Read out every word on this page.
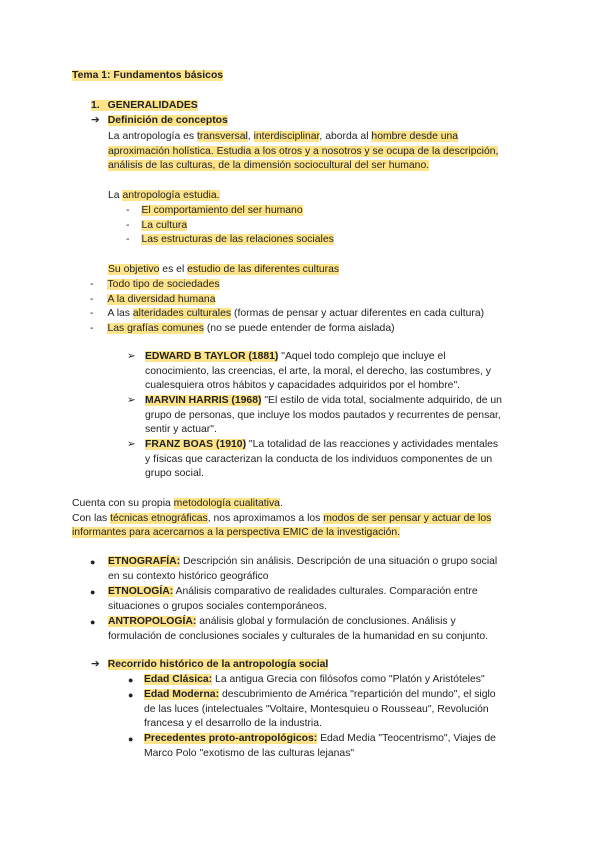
Tema 1: Fundamentos básicos
1. GENERALIDADES
➔ Definición de conceptos
La antropología es transversal, interdisciplinar, aborda al hombre desde una
aproximación holística. Estudia a los otros y a nosotros y se ocupa de la descripción,
análisis de las culturas, de la dimensión sociocultural del ser humano.
La antropología estudia.
- El comportamiento del ser humano
- La cultura
- Las estructuras de las relaciones sociales
Su objetivo es el estudio de las diferentes culturas
- Todo tipo de sociedades
- A la diversidad humana
- A las alteridades culturales (formas de pensar y actuar diferentes en cada cultura)
- Las grafías comunes (no se puede entender de forma aislada)
➢ EDWARD B TAYLOR (1881) "Aquel todo complejo que incluye el
conocimiento, las creencias, el arte, la moral, el derecho, las costumbres, y
cualesquiera otros hábitos y capacidades adquiridos por el hombre".
➢ MARVIN HARRIS (1968) "El estilo de vida total, socialmente adquirido, de un
grupo de personas, que incluye los modos pautados y recurrentes de pensar,
sentir y actuar".
➢ FRANZ BOAS (1910) "La totalidad de las reacciones y actividades mentales
y físicas que caracterizan la conducta de los individuos componentes de un
grupo social.
Cuenta con su propia metodología cualitativa.
Con las técnicas etnográficas, nos aproximamos a los modos de ser pensar y actuar de los
informantes para acercarnos a la perspectiva EMIC de la investigación.
● ETNOGRAFÍA: Descripción sin análisis. Descripción de una situación o grupo social
en su contexto histórico geográfico
● ETNOLOGÍA: Análisis comparativo de realidades culturales. Comparación entre
situaciones o grupos sociales contemporáneos.
● ANTROPOLOGÍA: análisis global y formulación de conclusiones. Análisis y
formulación de conclusiones sociales y culturales de la humanidad en su conjunto.
➔ Recorrido histórico de la antropología social
● Edad Clásica: La antigua Grecia con filósofos como "Platón y Aristóteles"
● Edad Moderna: descubrimiento de América "repartición del mundo", el siglo
de las luces (intelectuales "Voltaire, Montesquieu o Rousseau", Revolución
francesa y el desarrollo de la industria.
● Precedentes proto-antropológicos: Edad Media "Teocentrismo", Viajes de
Marco Polo "exotismo de las culturas lejanas"
